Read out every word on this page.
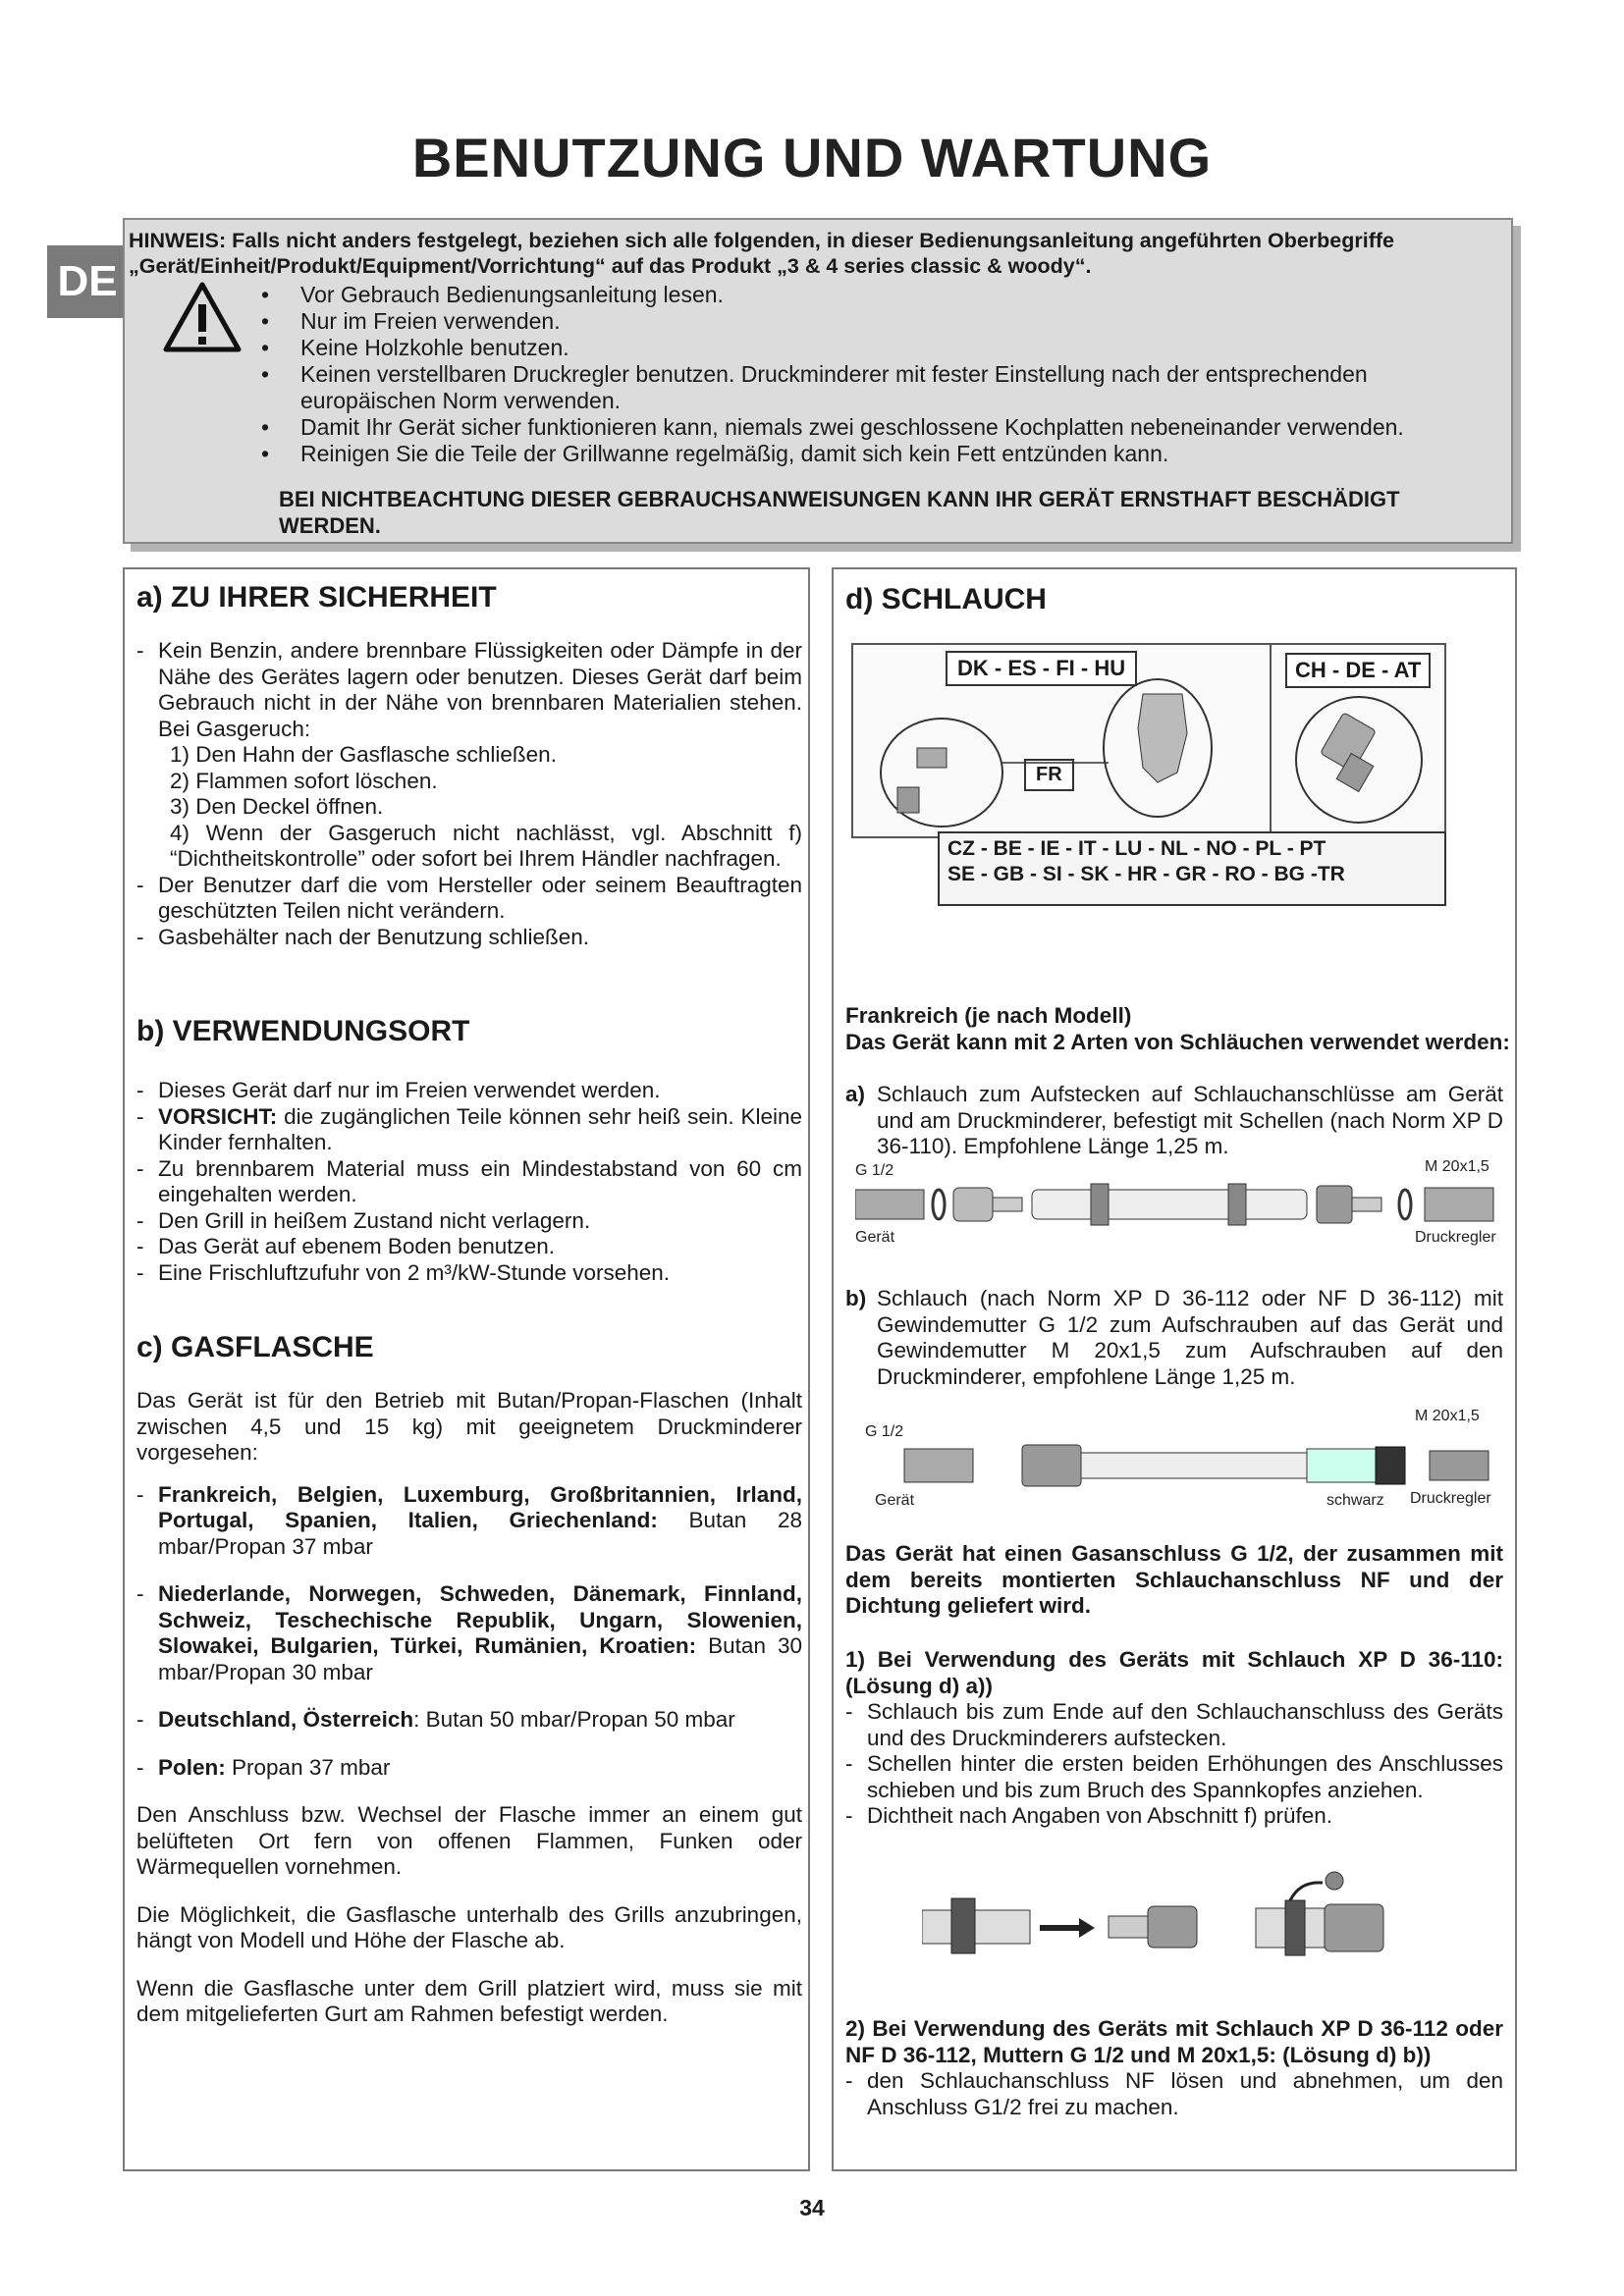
BENUTZUNG UND WARTUNG
DE
HINWEIS: Falls nicht anders festgelegt, beziehen sich alle folgenden, in dieser Bedienungsanleitung angeführten Oberbegriffe „Gerät/Einheit/Produkt/Equipment/Vorrichtung“ auf das Produkt „3 & 4 series classic & woody“.
• Vor Gebrauch Bedienungsanleitung lesen.
• Nur im Freien verwenden.
• Keine Holzkohle benutzen.
• Keinen verstellbaren Druckregler benutzen. Druckminderer mit fester Einstellung nach der entsprechenden europäischen Norm verwenden.
• Damit Ihr Gerät sicher funktionieren kann, niemals zwei geschlossene Kochplatten nebeneinander verwenden.
• Reinigen Sie die Teile der Grillwanne regelmäßig, damit sich kein Fett entzünden kann.
BEI NICHTBEACHTUNG DIESER GEBRAUCHSANWEISUNGEN KANN IHR GERÄT ERNSTHAFT BESCHÄDIGT WERDEN.
a) ZU IHRER SICHERHEIT

- Kein Benzin, andere brennbare Flüssigkeiten oder Dämpfe in der Nähe des Gerätes lagern oder benutzen. Dieses Gerät darf beim Gebrauch nicht in der Nähe von brennbaren Materialien stehen. Bei Gasgeruch:

1) Den Hahn der Gasflasche schließen.

2) Flammen sofort löschen.

3) Den Deckel öffnen.

4) Wenn der Gasgeruch nicht nachlässt, vgl. Abschnitt f) “Dichtheitskontrolle” oder sofort bei Ihrem Händler nachfragen.

- Der Benutzer darf die vom Hersteller oder seinem Beauftragten geschützten Teilen nicht verändern.

- Gasbehälter nach der Benutzung schließen.

b) VERWENDUNGSORT

- Dieses Gerät darf nur im Freien verwendet werden.

- VORSICHT: die zugänglichen Teile können sehr heiß sein. Kleine Kinder fernhalten.

- Zu brennbarem Material muss ein Mindestabstand von 60 cm eingehalten werden.

- Den Grill in heißem Zustand nicht verlagern.

- Das Gerät auf ebenem Boden benutzen.

- Eine Frischluftzufuhr von 2 m³/kW-Stunde vorsehen.

c) GASFLASCHE

Das Gerät ist für den Betrieb mit Butan/Propan-Flaschen (Inhalt zwischen 4,5 und 15 kg) mit geeignetem Druckminderer vorgesehen:

- Frankreich, Belgien, Luxemburg, Großbritannien, Irland, Portugal, Spanien, Italien, Griechenland: Butan 28 mbar/Propan 37 mbar

- Niederlande, Norwegen, Schweden, Dänemark, Finnland, Schweiz, Teschechische Republik, Ungarn, Slowenien, Slowakei, Bulgarien, Türkei, Rumänien, Kroatien: Butan 30 mbar/Propan 30 mbar

- Deutschland, Österreich: Butan 50 mbar/Propan 50 mbar

- Polen: Propan 37 mbar

Den Anschluss bzw. Wechsel der Flasche immer an einem gut belüfteten Ort fern von offenen Flammen, Funken oder Wärmequellen vornehmen.

Die Möglichkeit, die Gasflasche unterhalb des Grills anzubringen, hängt von Modell und Höhe der Flasche ab.

Wenn die Gasflasche unter dem Grill platziert wird, muss sie mit dem mitgelieferten Gurt am Rahmen befestigt werden.

d) SCHLAUCH
DK - ES - FI - HU
FR
CH - DE - AT
CZ - BE - IE - IT - LU - NL - NO - PL - PT
SE - GB - SI - SK - HR - GR - RO - BG -TR

Frankreich (je nach Modell)

Das Gerät kann mit 2 Arten von Schläuchen verwendet werden:

a) Schlauch zum Aufstecken auf Schlauchanschlüsse am Gerät und am Druckminderer, befestigt mit Schellen (nach Norm XP D 36-110). Empfohlene Länge 1,25 m.

G 1/2	M 20x1,5
Gerät	Druckregler

b) Schlauch (nach Norm XP D 36-112 oder NF D 36-112) mit Gewindemutter G 1/2 zum Aufschrauben auf das Gerät und Gewindemutter M 20x1,5 zum Aufschrauben auf den Druckminderer, empfohlene Länge 1,25 m.

G 1/2
M 20x1,5
Gerät	schwarz Druckregler
Das Gerät hat einen Gasanschluss G 1/2, der zusammen mit dem bereits montierten Schlauchanschluss NF und der Dichtung geliefert wird.

1) Bei Verwendung des Geräts mit Schlauch XP D 36-110: (Lösung d) a))

- Schlauch bis zum Ende auf den Schlauchanschluss des Geräts und des Druckminderers aufstecken.

- Schellen hinter die ersten beiden Erhöhungen des Anschlusses schieben und bis zum Bruch des Spannkopfes anziehen.

- Dichtheit nach Angaben von Abschnitt f) prüfen.

2) Bei Verwendung des Geräts mit Schlauch XP D 36-112 oder NF D 36-112, Muttern G 1/2 und M 20x1,5: (Lösung d) b))

- den Schlauchanschluss NF lösen und abnehmen, um den Anschluss G1/2 frei zu machen.

34
